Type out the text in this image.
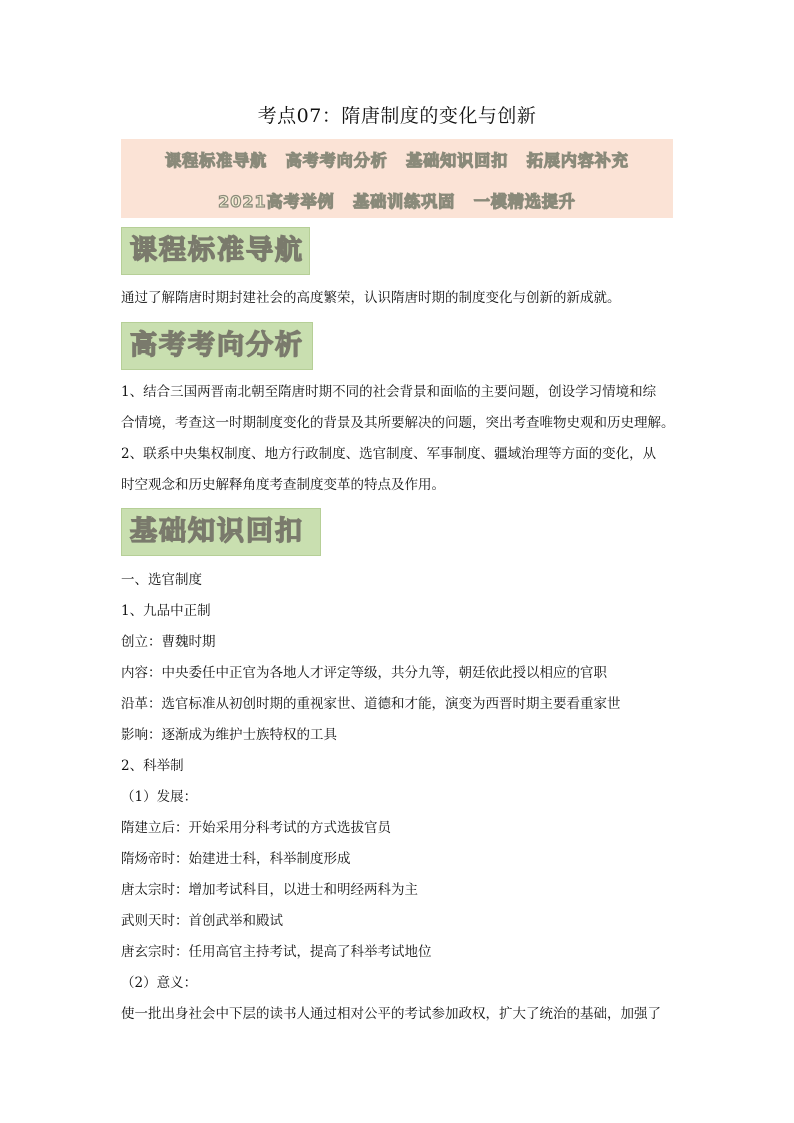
考点07：隋唐制度的变化与创新
课程标准导航 高考考向分析 基础知识回扣 拓展内容补充
2021高考举例 基础训练巩固 一模精选提升
课程标准导航
通过了解隋唐时期封建社会的高度繁荣，认识隋唐时期的制度变化与创新的新成就。
高考考向分析
1、结合三国两晋南北朝至隋唐时期不同的社会背景和面临的主要问题，创设学习情境和综
合情境，考查这一时期制度变化的背景及其所要解决的问题，突出考查唯物史观和历史理解。
2、联系中央集权制度、地方行政制度、选官制度、军事制度、疆域治理等方面的变化，从
时空观念和历史解释角度考查制度变革的特点及作用。
基础知识回扣
一、选官制度
1、九品中正制
创立：曹魏时期
内容：中央委任中正官为各地人才评定等级，共分九等，朝廷依此授以相应的官职
沿革：选官标准从初创时期的重视家世、道德和才能，演变为西晋时期主要看重家世
影响：逐渐成为维护士族特权的工具
2、科举制
（1）发展：
隋建立后：开始采用分科考试的方式选拔官员
隋炀帝时：始建进士科，科举制度形成
唐太宗时：增加考试科目，以进士和明经两科为主
武则天时：首创武举和殿试
唐玄宗时：任用高官主持考试，提高了科举考试地位
（2）意义：
使一批出身社会中下层的读书人通过相对公平的考试参加政权，扩大了统治的基础，加强了
